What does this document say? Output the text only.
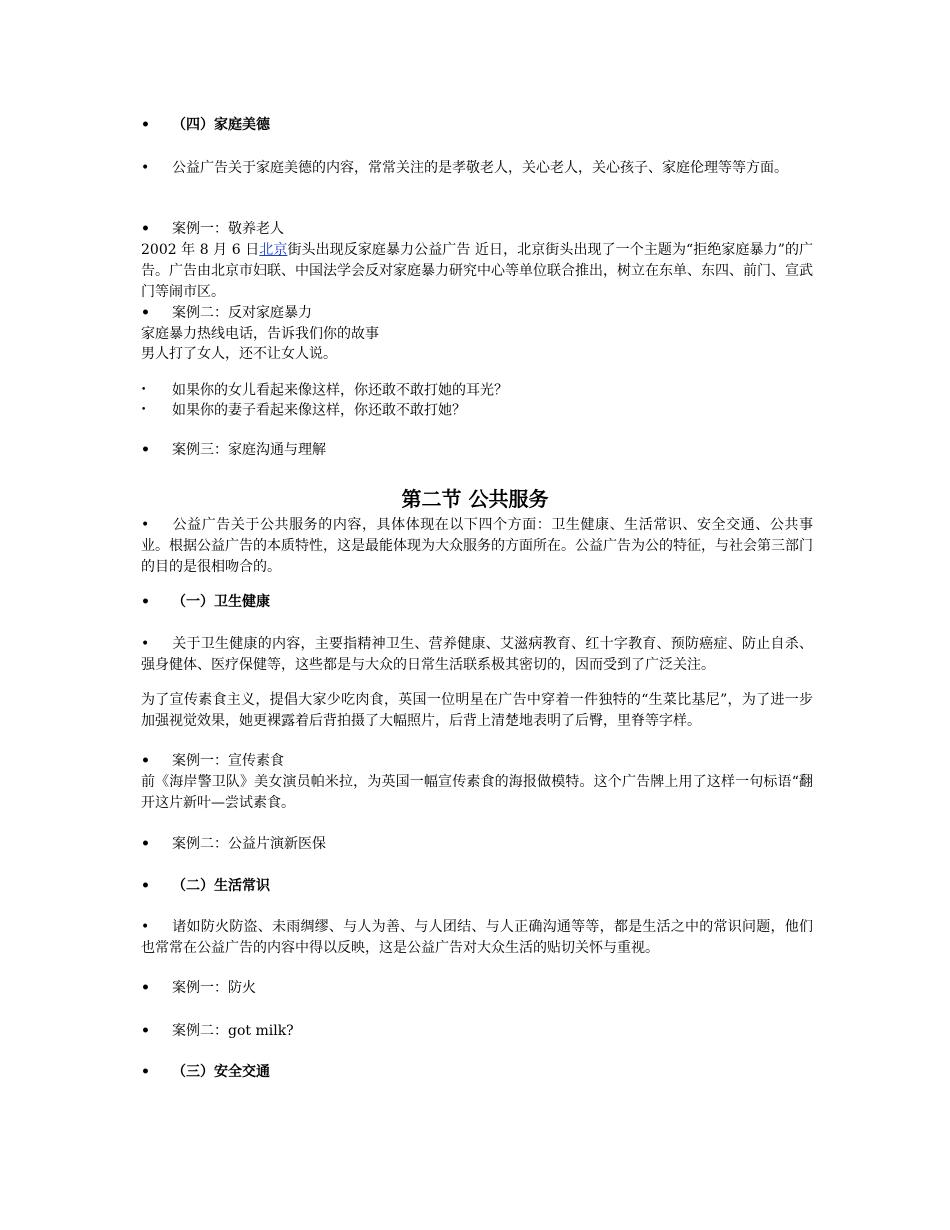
• （四）家庭美德
• 公益广告关于家庭美德的内容，常常关注的是孝敬老人，关心老人，关心孩子、家庭伦理等等方面。
• 案例一：敬养老人
2002 年 8 月 6 日北京街头出现反家庭暴力公益广告 近日，北京街头出现了一个主题为“拒绝家庭暴力”的广告。广告由北京市妇联、中国法学会反对家庭暴力研究中心等单位联合推出，树立在东单、东四、前门、宣武门等闹市区。
• 案例二：反对家庭暴力
家庭暴力热线电话，告诉我们你的故事
男人打了女人，还不让女人说。
• 如果你的女儿看起来像这样，你还敢不敢打她的耳光？
• 如果你的妻子看起来像这样，你还敢不敢打她？
• 案例三：家庭沟通与理解
第二节 公共服务
• 公益广告关于公共服务的内容，具体体现在以下四个方面：卫生健康、生活常识、安全交通、公共事业。根据公益广告的本质特性，这是最能体现为大众服务的方面所在。公益广告为公的特征，与社会第三部门的目的是很相吻合的。
• （一）卫生健康
• 关于卫生健康的内容，主要指精神卫生、营养健康、艾滋病教育、红十字教育、预防癌症、防止自杀、强身健体、医疗保健等，这些都是与大众的日常生活联系极其密切的，因而受到了广泛关注。
为了宣传素食主义，提倡大家少吃肉食，英国一位明星在广告中穿着一件独特的“生菜比基尼”，为了进一步加强视觉效果，她更裸露着后背拍摄了大幅照片，后背上清楚地表明了后臀，里脊等字样。
• 案例一：宣传素食
前《海岸警卫队》美女演员帕米拉，为英国一幅宣传素食的海报做模特。这个广告牌上用了这样一句标语“翻开这片新叶—尝试素食。
• 案例二：公益片演新医保
• （二）生活常识
• 诸如防火防盗、未雨绸缪、与人为善、与人团结、与人正确沟通等等，都是生活之中的常识问题，他们也常常在公益广告的内容中得以反映，这是公益广告对大众生活的贴切关怀与重视。
• 案例一：防火
• 案例二：got milk?
• （三）安全交通
